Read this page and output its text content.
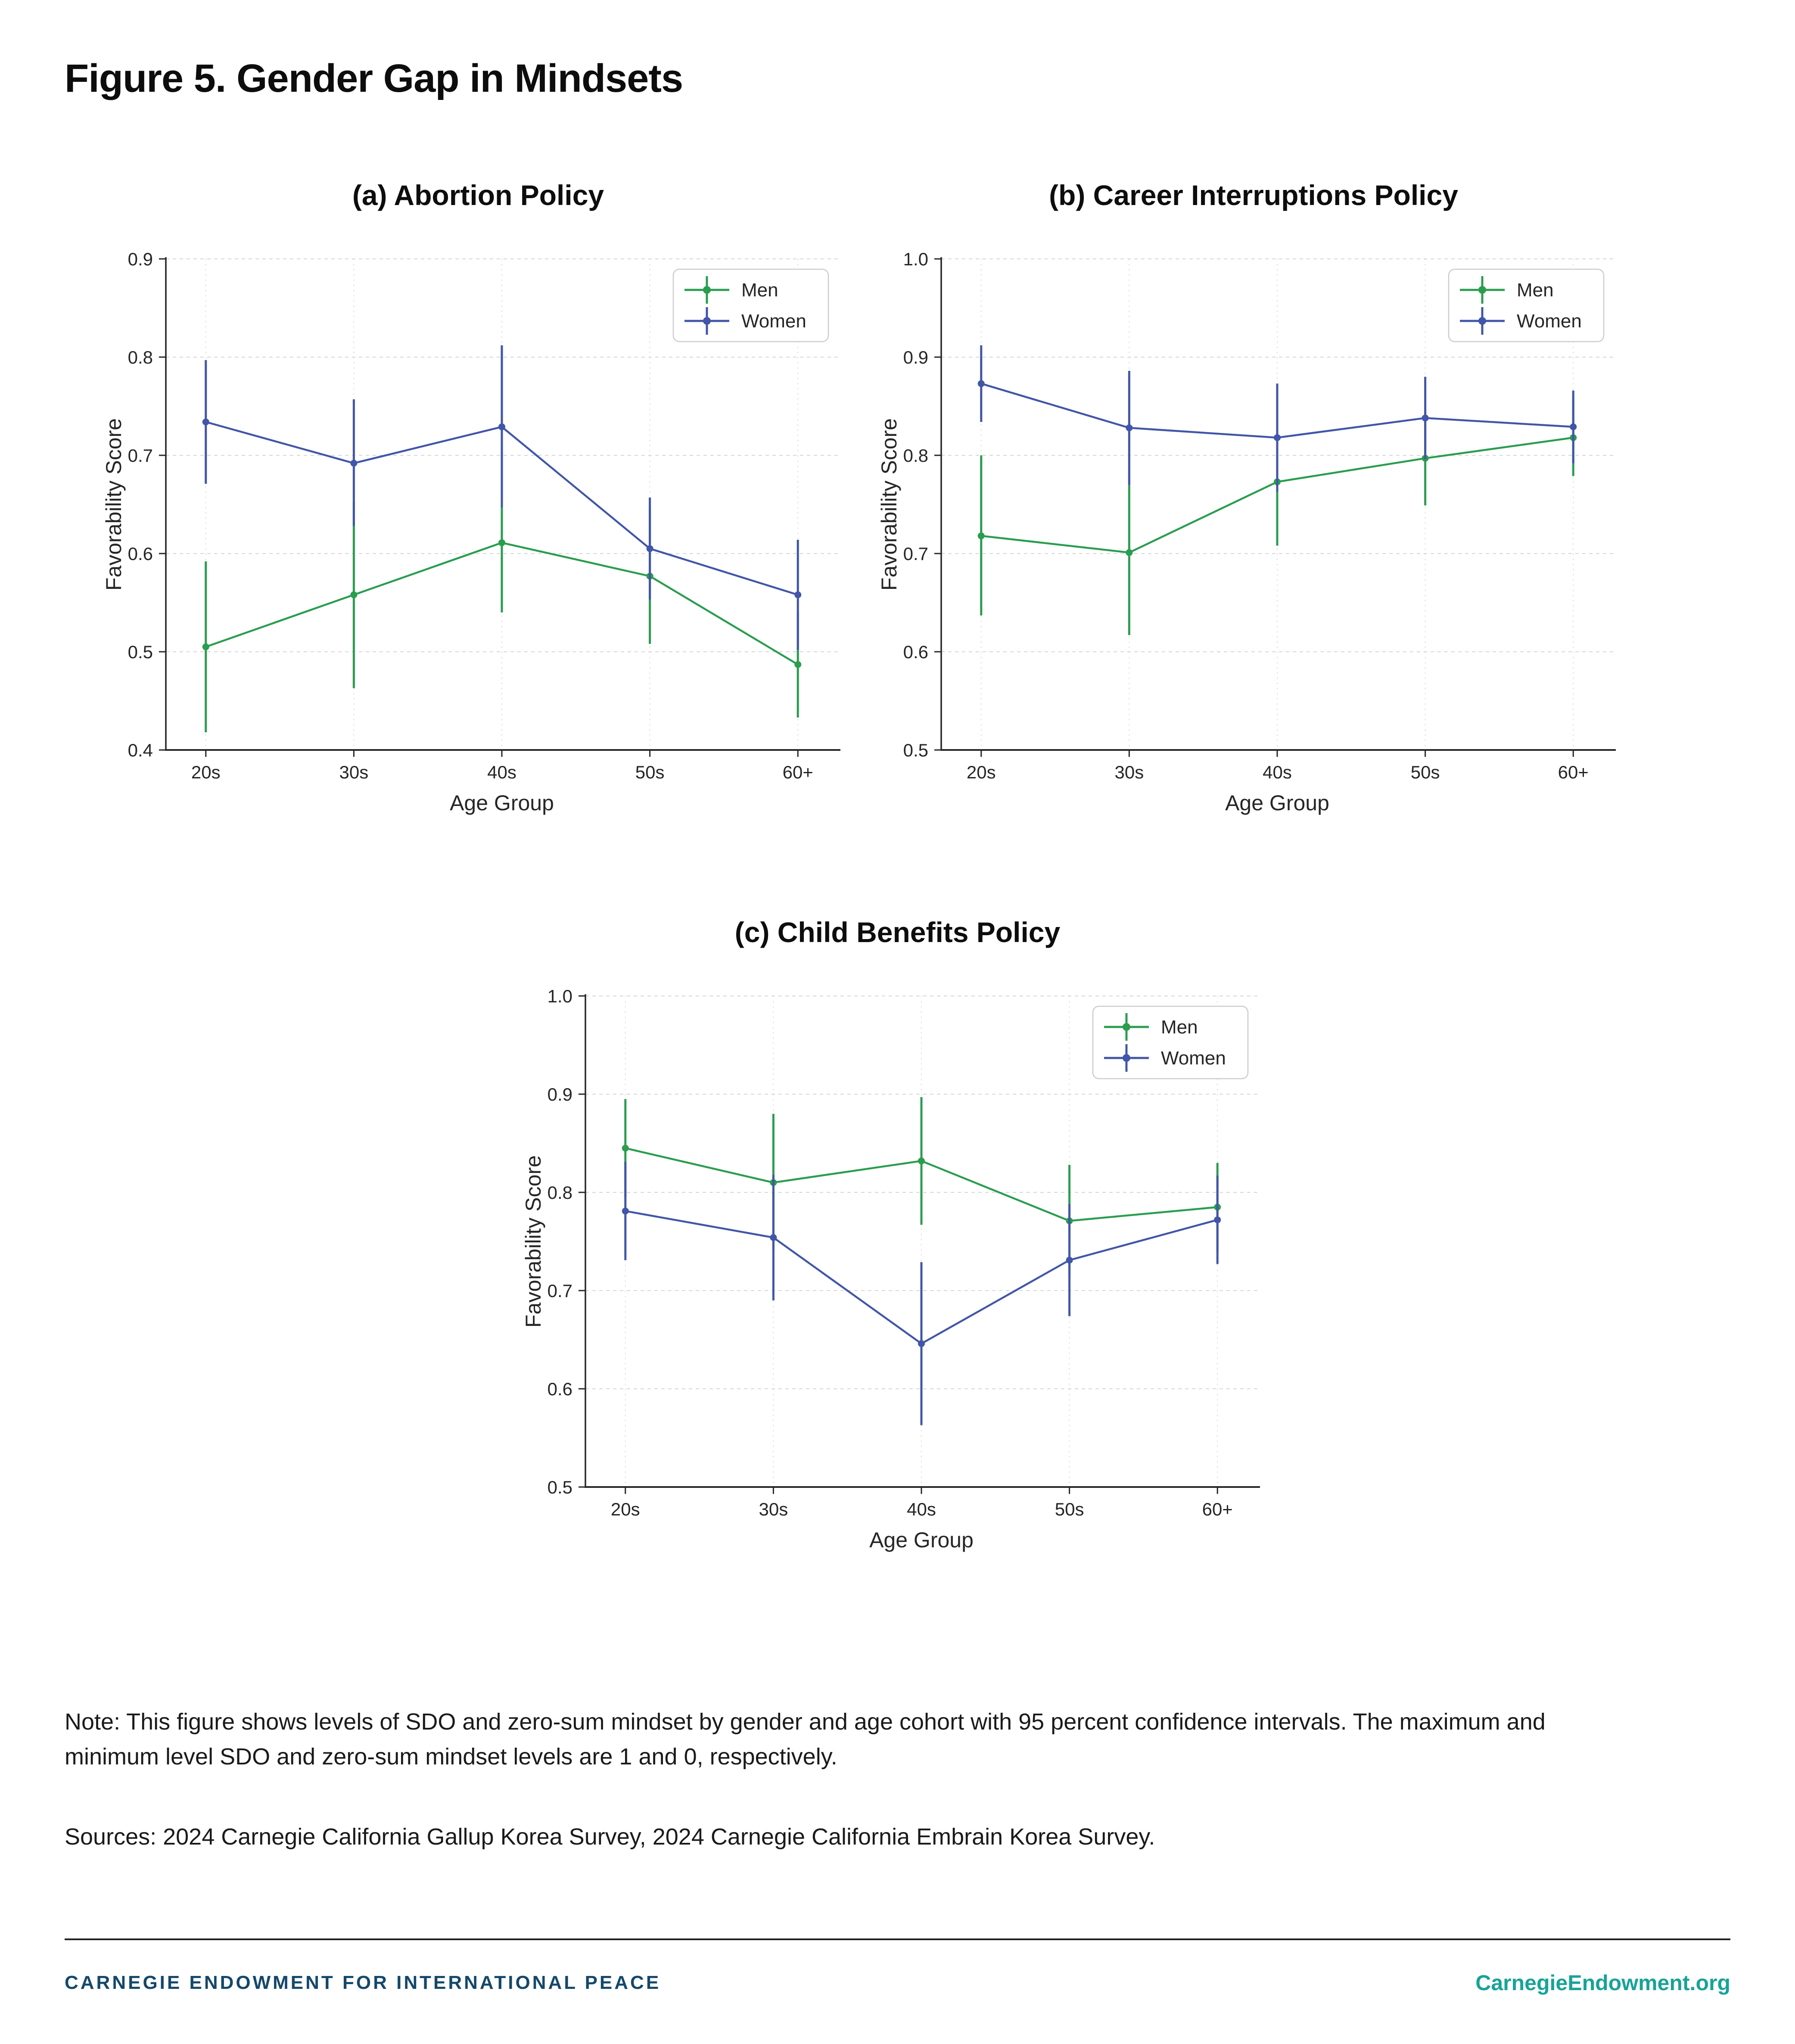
Figure 5. Gender Gap in Mindsets
(a) Abortion Policy
0.4
0.5
0.6
0.7
0.8
0.9
20s	30s	40s	50s	60+
Age Group
Favorability Score
Men
Women
(b) Career Interruptions Policy
0.5
0.6
0.7
0.8
0.9
1.0
20s	30s	40s	50s	60+
Age Group
Favorability Score
Men
Women
(c) Child Benefits Policy
0.5
0.6
0.7
0.8
0.9
1.0
20s	30s	40s	50s	60+
Age Group
Favorability Score
Men
Women

Note: This figure shows levels of SDO and zero-sum mindset by gender and age cohort with 95 percent confidence intervals. The maximum and minimum level SDO and zero-sum mindset levels are 1 and 0, respectively.

Sources: 2024 Carnegie California Gallup Korea Survey, 2024 Carnegie California Embrain Korea Survey.

CARNEGIE ENDOWMENT FOR INTERNATIONAL PEACE	CarnegieEndowment.org
